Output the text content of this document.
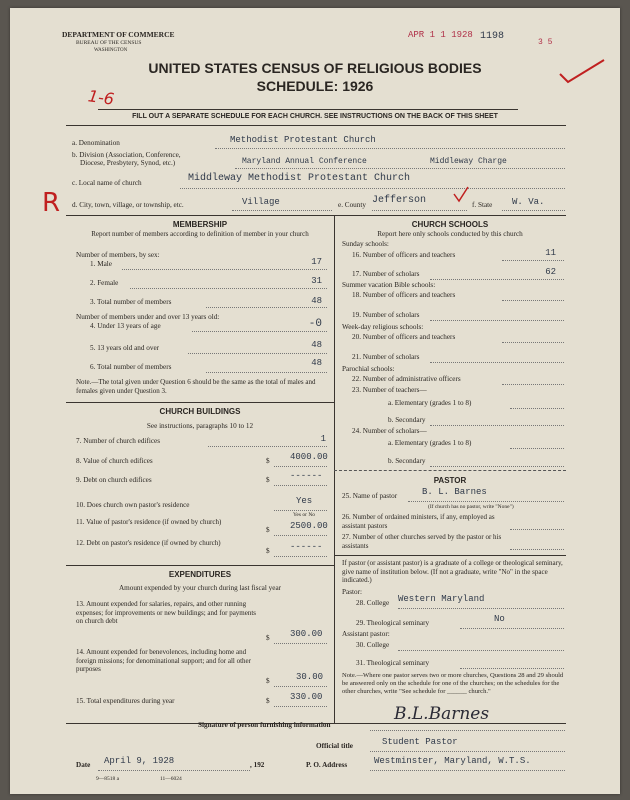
DEPARTMENT OF COMMERCE
BUREAU OF THE CENSUS
WASHINGTON
APR 1 1 1928 1198
3 5
UNITED STATES CENSUS OF RELIGIOUS BODIES
SCHEDULE: 1926
1-6
FILL OUT A SEPARATE SCHEDULE FOR EACH CHURCH. SEE INSTRUCTIONS ON THE BACK OF THIS SHEET
a. Denomination	Methodist Protestant Church
b. Division (Association, Conference,
Diocese, Presbytery, Synod, etc.)	Maryland Annual Conference	Middleway Charge
c. Local name of church	Middleway Methodist Protestant Church
R d. City, town, village, or township, etc.	Village	e. County Jefferson	f. State W. Va.
MEMBERSHIP
Report number of members according to definition of member in your church
Number of members, by sex:
1. Male	17
2. Female	31
3. Total number of members	48
Number of members under and over 13 years old:
4. Under 13 years of age	-0
5. 13 years old and over	48
6. Total number of members	48
Note.—The total given under Question 6 should be the same as the total of males and females given under Question 3.
CHURCH BUILDINGS
See instructions, paragraphs 10 to 12
7. Number of church edifices	1
8. Value of church edifices	$ 4000.00
9. Debt on church edifices	$ ------
10. Does church own pastor's residence	Yes
Yes or No
11. Value of pastor's residence (if owned by church)
$ 2500.00
12. Debt on pastor's residence (if owned by church)
$ ------
EXPENDITURES
Amount expended by your church during last fiscal year
13. Amount expended for salaries, repairs, and other running expenses; for improvements or new buildings; and for payments on church debt
$ 300.00
14. Amount expended for benevolences, including home and foreign missions; for denominational support; and for all other purposes
$	30.00
15. Total expenditures during year	$ 330.00
CHURCH SCHOOLS
Report here only schools conducted by this church
Sunday schools:
16. Number of officers and teachers	11
17. Number of scholars	62
Summer vacation Bible schools:
18. Number of officers and teachers
19. Number of scholars
Week-day religious schools:
20. Number of officers and teachers
21. Number of scholars
Parochial schools:
22. Number of administrative officers
23. Number of teachers—
a. Elementary (grades 1 to 8)
b. Secondary
24. Number of scholars—
a. Elementary (grades 1 to 8)
b. Secondary
PASTOR
25. Name of pastor	B. L. Barnes
(If church has no pastor, write "None")
26. Number of ordained ministers, if any, employed as assistant pastors
27. Number of other churches served by the pastor or his assistants
If pastor (or assistant pastor) is a graduate of a college or theological seminary, give name of institution below. (If not a graduate, write "No" in the space indicated.)
Pastor:
28. College Western Maryland
29. Theological seminary	No
Assistant pastor:
30. College
31. Theological seminary
Note.—Where one pastor serves two or more churches, Questions 28 and 29 should be answered only on the schedule for one of the churches; on the schedules for the other churches, write "See schedule for ______ church."
Signature of person furnishing information
B.L.Barnes
Official title	Student Pastor
Date April 9, 1928	, 192	P. O. Address	Westminster, Maryland, W.T.S.
9—8518 a	11—6024
